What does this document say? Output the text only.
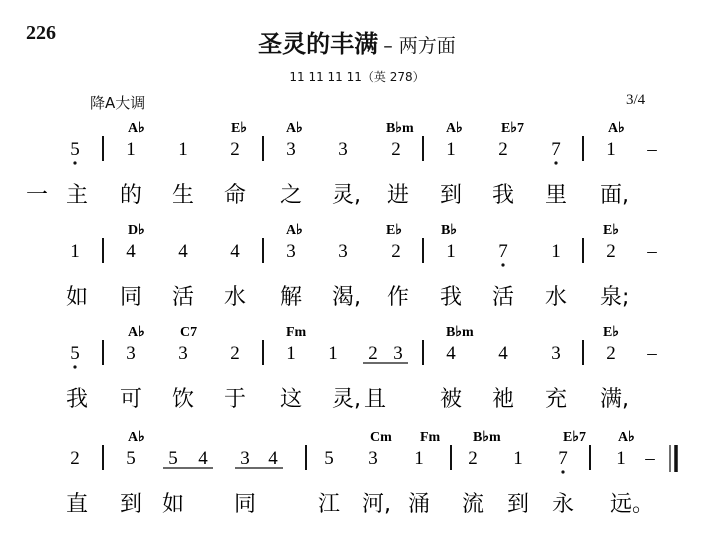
226	圣灵的丰满 – 两方面
11 11 11 11（英 278）
降A大调	3/4
A♭	E♭	A♭	B♭m A♭	E♭7	A♭
5 1 1 2 3 3 2 1 2 7 1 –
一 主 的 生 命 之 灵, 进 到 我 里 面,
D♭	A♭	E♭	B♭	E♭
1 4 4 4 3 3 2 1 7 1 2 –
如 同 活 水 解 渴, 作 我 活 水 泉;
A♭	C7	Fm	B♭m	E♭
5 3 3 2 1 1 2 3 4 4 3 2 –
我 可 饮 于 这 灵, 且 被 祂 充 满,
A♭	Cm Fm B♭m	E♭7 A♭
2 5 5 4 3 4 5 3 1 2 1 7	1 –
直 到 如 同	江 河, 涌 流 到 永 远。
